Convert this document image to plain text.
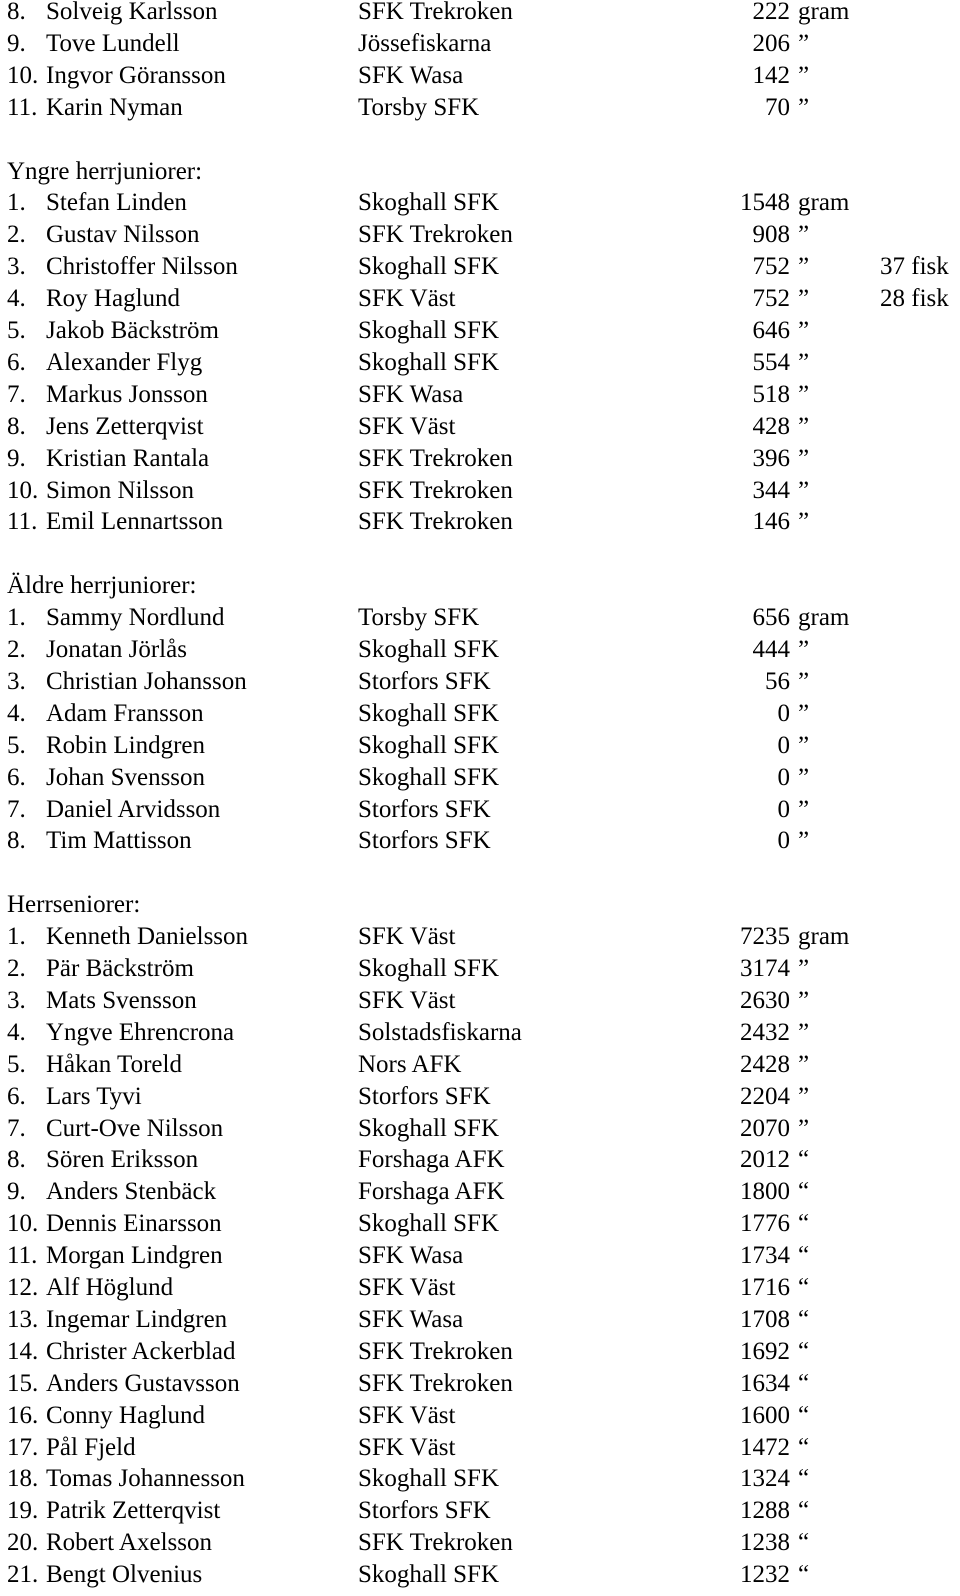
8. Solveig Karlsson	SFK Trekroken	222 gram
9. Tove Lundell	Jössefiskarna	206 ”
10. Ingvor Göransson	SFK Wasa	142 ”
11. Karin Nyman	Torsby SFK	70 ”
Yngre herrjuniorer:
1. Stefan Linden	Skoghall SFK	1548 gram
2. Gustav Nilsson	SFK Trekroken	908 ”
3. Christoffer Nilsson	Skoghall SFK	752 ”	37 fisk
4. Roy Haglund	SFK Väst	752 ”	28 fisk
5. Jakob Bäckström	Skoghall SFK	646 ”
6. Alexander Flyg	Skoghall SFK	554 ”
7. Markus Jonsson	SFK Wasa	518 ”
8. Jens Zetterqvist	SFK Väst	428 ”
9. Kristian Rantala	SFK Trekroken	396 ”
10. Simon Nilsson	SFK Trekroken	344 ”
11. Emil Lennartsson	SFK Trekroken	146 ”
Äldre herrjuniorer:
1. Sammy Nordlund	Torsby SFK	656 gram
2. Jonatan Jörlås	Skoghall SFK	444 ”
3. Christian Johansson	Storfors SFK	56 ”
4. Adam Fransson	Skoghall SFK	0 ”
5. Robin Lindgren	Skoghall SFK	0 ”
6. Johan Svensson	Skoghall SFK	0 ”
7. Daniel Arvidsson	Storfors SFK	0 ”
8. Tim Mattisson	Storfors SFK	0 ”
Herrseniorer:
1. Kenneth Danielsson	SFK Väst	7235 gram
2. Pär Bäckström	Skoghall SFK	3174 ”
3. Mats Svensson	SFK Väst	2630 ”
4. Yngve Ehrencrona	Solstadsfiskarna	2432 ”
5. Håkan Toreld	Nors AFK	2428 ”
6. Lars Tyvi	Storfors SFK	2204 ”
7. Curt-Ove Nilsson	Skoghall SFK	2070 ”
8. Sören Eriksson	Forshaga AFK	2012 “
9. Anders Stenbäck	Forshaga AFK	1800 “
10. Dennis Einarsson	Skoghall SFK	1776 “
11. Morgan Lindgren	SFK Wasa	1734 “
12. Alf Höglund	SFK Väst	1716 “
13. Ingemar Lindgren	SFK Wasa	1708 “
14. Christer Ackerblad	SFK Trekroken	1692 “
15. Anders Gustavsson	SFK Trekroken	1634 “
16. Conny Haglund	SFK Väst	1600 “
17. Pål Fjeld	SFK Väst	1472 “
18. Tomas Johannesson	Skoghall SFK	1324 “
19. Patrik Zetterqvist	Storfors SFK	1288 “
20. Robert Axelsson	SFK Trekroken	1238 “
21. Bengt Olvenius	Skoghall SFK	1232 “
